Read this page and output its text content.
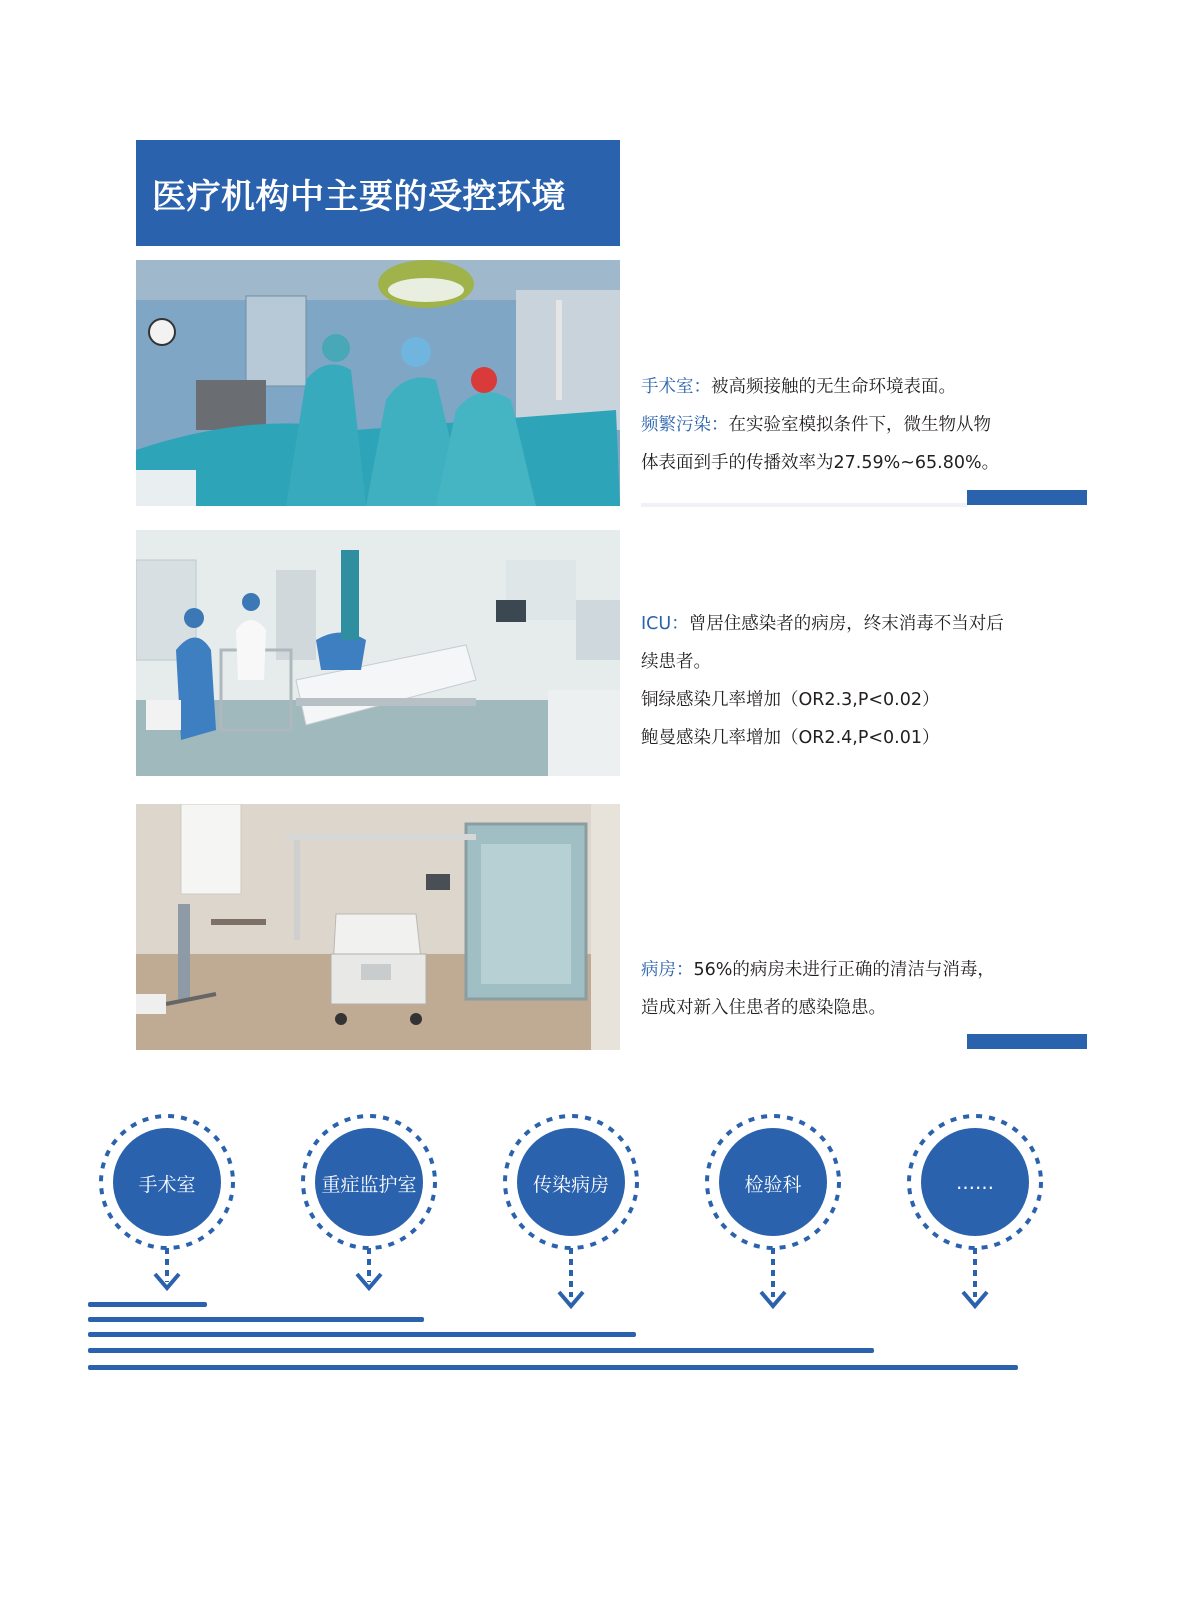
医疗机构中主要的受控环境
手术室：被高频接触的无生命环境表面。
频繁污染：在实验室模拟条件下，微生物从物
体表面到手的传播效率为27.59%~65.80%。
ICU：曾居住感染者的病房，终末消毒不当对后
续患者。
铜绿感染几率增加（OR2.3,P<0.02）
鲍曼感染几率增加（OR2.4,P<0.01）
病房：56%的病房未进行正确的清洁与消毒，
造成对新入住患者的感染隐患。
手术室	重症监护室	传染病房	检验科	……
